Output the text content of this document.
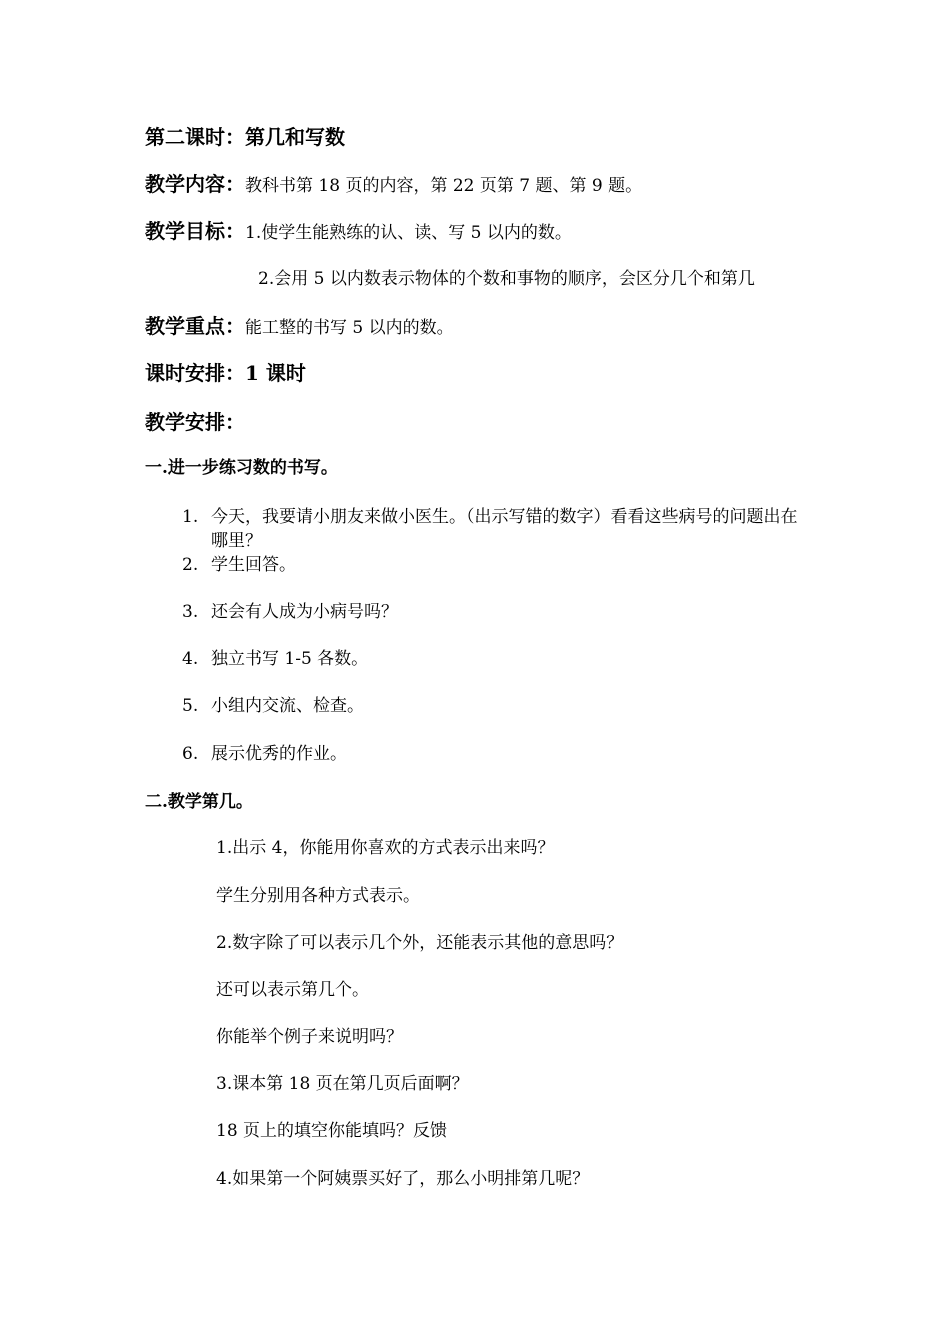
第二课时：第几和写数
教学内容：教科书第 18 页的内容，第 22 页第 7 题、第 9 题。
教学目标：1.使学生能熟练的认、读、写 5 以内的数。
2.会用 5 以内数表示物体的个数和事物的顺序，会区分几个和第几
教学重点：能工整的书写 5 以内的数。
课时安排：1 课时
教学安排：
一.进一步练习数的书写。
1. 今天，我要请小朋友来做小医生。（出示写错的数字）看看这些病号的问题出在哪里？
2. 学生回答。
3. 还会有人成为小病号吗？
4. 独立书写 1-5 各数。
5. 小组内交流、检查。
6. 展示优秀的作业。
二.教学第几。
1.出示 4，你能用你喜欢的方式表示出来吗？
学生分别用各种方式表示。
2.数字除了可以表示几个外，还能表示其他的意思吗？
还可以表示第几个。
你能举个例子来说明吗？
3.课本第 18 页在第几页后面啊？
18 页上的填空你能填吗？反馈
4.如果第一个阿姨票买好了，那么小明排第几呢？
